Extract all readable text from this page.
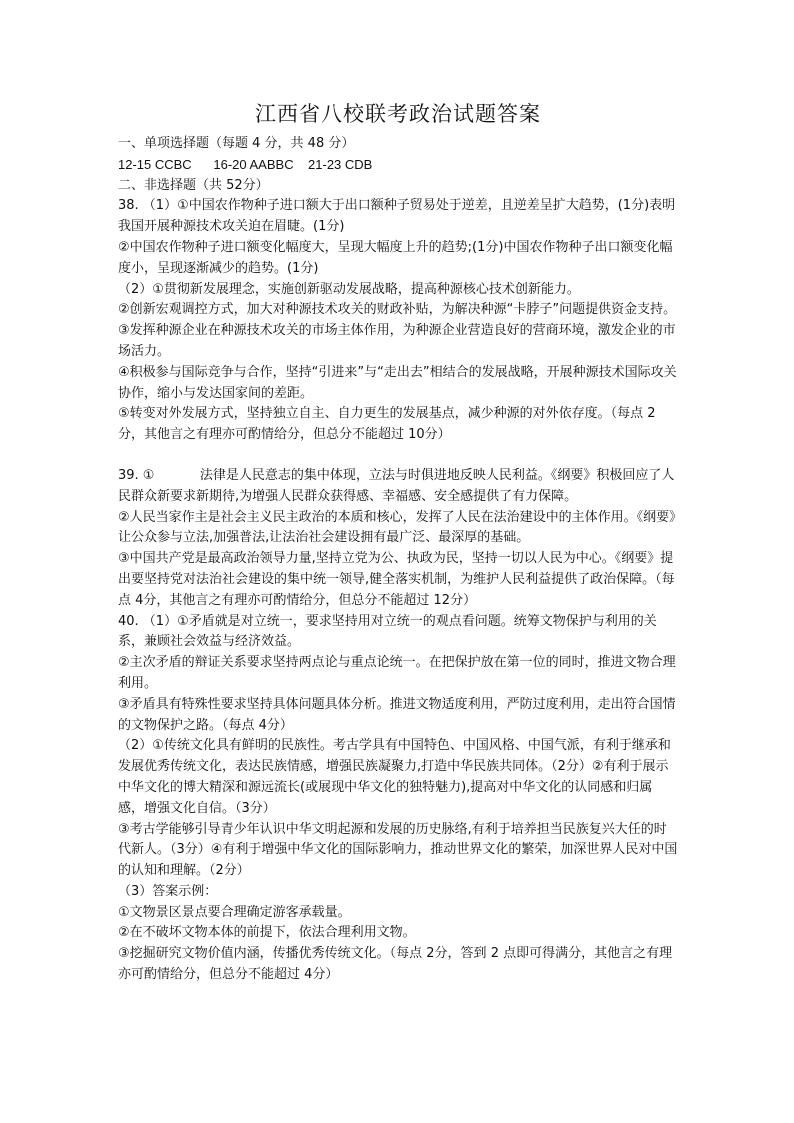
江西省八校联考政治试题答案

一、单项选择题（每题 4 分，共 48 分）

12-15 CCBC      16-20 AABBC    21-23 CDB

二、非选择题（共 52分）

38. （1）①中国农作物种子进口额大于出口额种子贸易处于逆差，且逆差呈扩大趋势，(1分)表明我国开展种源技术攻关迫在眉睫。(1分)

②中国农作物种子进口额变化幅度大，呈现大幅度上升的趋势;(1分)中国农作物种子出口额变化幅度小，呈现逐渐减少的趋势。(1分)

（2）①贯彻新发展理念，实施创新驱动发展战略，提高种源核心技术创新能力。

②创新宏观调控方式，加大对种源技术攻关的财政补贴，为解决种源“卡脖子”问题提供资金支持。

③发挥种源企业在种源技术攻关的市场主体作用，为种源企业营造良好的营商环境，激发企业的市场活力。

④积极参与国际竞争与合作，坚持“引进来”与“走出去”相结合的发展战略，开展种源技术国际攻关协作，缩小与发达国家间的差距。

⑤转变对外发展方式，坚持独立自主、自力更生的发展基点，减少种源的对外依存度。（每点 2分，其他言之有理亦可酌情给分，但总分不能超过 10分）

39. ①           法律是人民意志的集中体现，立法与时俱进地反映人民利益。《纲要》积极回应了人民群众新要求新期待,为增强人民群众获得感、幸福感、安全感提供了有力保障。

②人民当家作主是社会主义民主政治的本质和核心，发挥了人民在法治建设中的主体作用。《纲要》让公众参与立法,加强普法,让法治社会建设拥有最广泛、最深厚的基础。

③中国共产党是最高政治领导力量,坚持立党为公、执政为民，坚持一切以人民为中心。《纲要》提出要坚持党对法治社会建设的集中统一领导,健全落实机制，为维护人民利益提供了政治保障。（每点 4分，其他言之有理亦可酌情给分，但总分不能超过 12分）

40. （1）①矛盾就是对立统一，要求坚持用对立统一的观点看问题。统筹文物保护与利用的关系，兼顾社会效益与经济效益。

②主次矛盾的辩证关系要求坚持两点论与重点论统一。在把保护放在第一位的同时，推进文物合理利用。

③矛盾具有特殊性要求坚持具体问题具体分析。推进文物适度利用，严防过度利用，走出符合国情的文物保护之路。（每点 4分）

（2）①传统文化具有鲜明的民族性。考古学具有中国特色、中国风格、中国气派，有利于继承和发展优秀传统文化，表达民族情感，增强民族凝聚力,打造中华民族共同体。（2分）②有利于展示中华文化的博大精深和源远流长(或展现中华文化的独特魅力),提高对中华文化的认同感和归属感，增强文化自信。（3分）

③考古学能够引导青少年认识中华文明起源和发展的历史脉络,有利于培养担当民族复兴大任的时代新人。（3分）④有利于增强中华文化的国际影响力，推动世界文化的繁荣，加深世界人民对中国的认知和理解。（2分）

（3）答案示例：

①文物景区景点要合理确定游客承载量。

②在不破坏文物本体的前提下，依法合理利用文物。

③挖掘研究文物价值内涵，传播优秀传统文化。（每点 2分，答到 2 点即可得满分，其他言之有理亦可酌情给分，但总分不能超过 4分）
